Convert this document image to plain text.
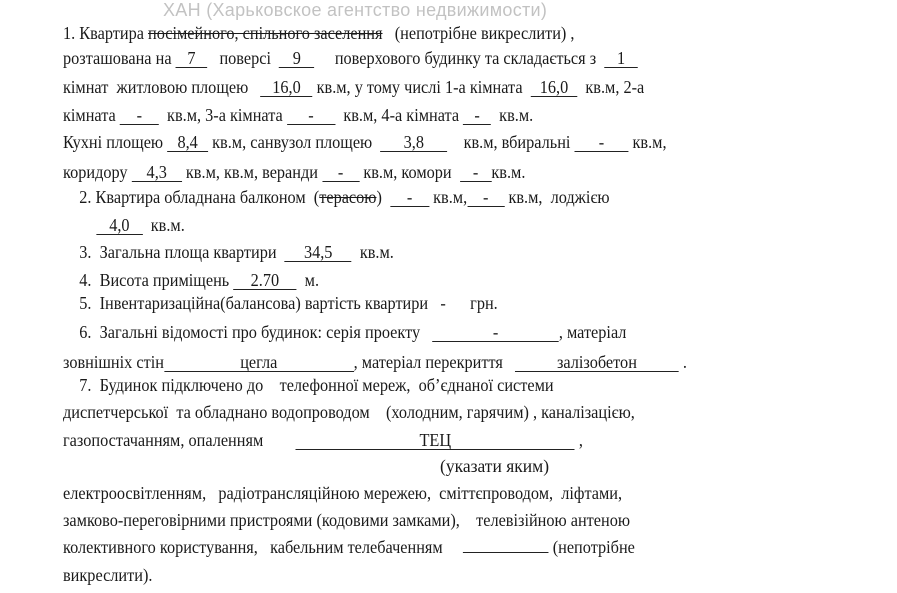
1. Квартира посімейного, спільного заселення   (непотрібне викреслити) ,
розташована на 7   поверсі  9     поверхового будинку та складається з  1
кімнат  житловою площею   16,0 кв.м, у тому числі 1-а кімната  16,0  кв.м, 2-а
кімната -  кв.м, 3-а кімната -  кв.м, 4-а кімната -  кв.м.
Кухні площею 8,4 кв.м, санвузол площею  3,8    кв.м, вбиральні - кв.м,
коридору 4,3 кв.м, кв.м, веранди - кв.м, комори  - кв.м.
2. Квартира обладнана балконом  (терасою)  - кв.м, - кв.м,  лоджією
4,0  кв.м.
3.  Загальна площа квартири  34,5  кв.м.
4.  Висота приміщень 2.70  м.
5.  Інвентаризаційна(балансова) вартість квартири   -      грн.
6.  Загальні відомості про будинок: серія проекту	-	, матеріал
зовнішніх стін	цегла	, матеріал перекриття   залізобетон .
7.  Будинок підключено до    телефонної мереж,  об’єднаної системи
диспетчерської  та обладнано водопроводом    (холодним, гарячим) , каналізацією,
газопостачанням, опаленням	ТЕЦ	,
електроосвітленням,   радіотрансляційною мережею,  сміттєпроводом,  ліфтами,
замково-переговірними пристроями (кодовими замками),    телевізійною антеною
колективного користування,   кабельним телебаченням	(непотрібне
викреслити).
(указати яким)
ХАН (Харьковское агентство недвижимости)
